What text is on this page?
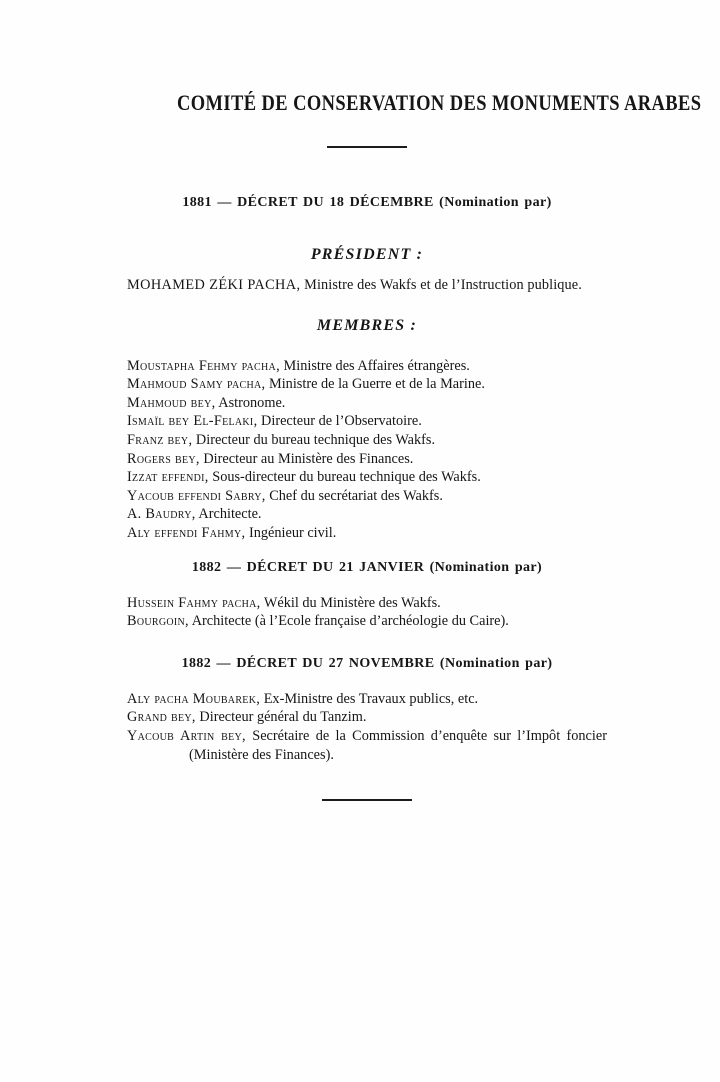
COMITÉ DE CONSERVATION DES MONUMENTS ARABES
1881 — DÉCRET DU 18 DÉCEMBRE (Nomination par)
PRÉSIDENT :

MOHAMED ZÉKI PACHA, Ministre des Wakfs et de l’Instruction publique.

MEMBRES :

Moustapha Fehmy pacha, Ministre des Affaires étrangères.

Mahmoud Samy pacha, Ministre de la Guerre et de la Marine.

Mahmoud bey, Astronome.

Ismaïl bey El-Felaki, Directeur de l’Observatoire.

Franz bey, Directeur du bureau technique des Wakfs.

Rogers bey, Directeur au Ministère des Finances.

Izzat effendi, Sous-directeur du bureau technique des Wakfs.

Yacoub effendi Sabry, Chef du secrétariat des Wakfs.

A. Baudry, Architecte.

Aly effendi Fahmy, Ingénieur civil.

1882 — DÉCRET DU 21 JANVIER (Nomination par)

Hussein Fahmy pacha, Wékil du Ministère des Wakfs.

Bourgoin, Architecte (à l’Ecole française d’archéologie du Caire).

1882 — DÉCRET DU 27 NOVEMBRE (Nomination par)

Aly pacha Moubarek, Ex-Ministre des Travaux publics, etc.

Grand bey, Directeur général du Tanzim.

Yacoub Artin bey, Secrétaire de la Commission d’enquête sur l’Impôt foncier (Ministère des Finances).
